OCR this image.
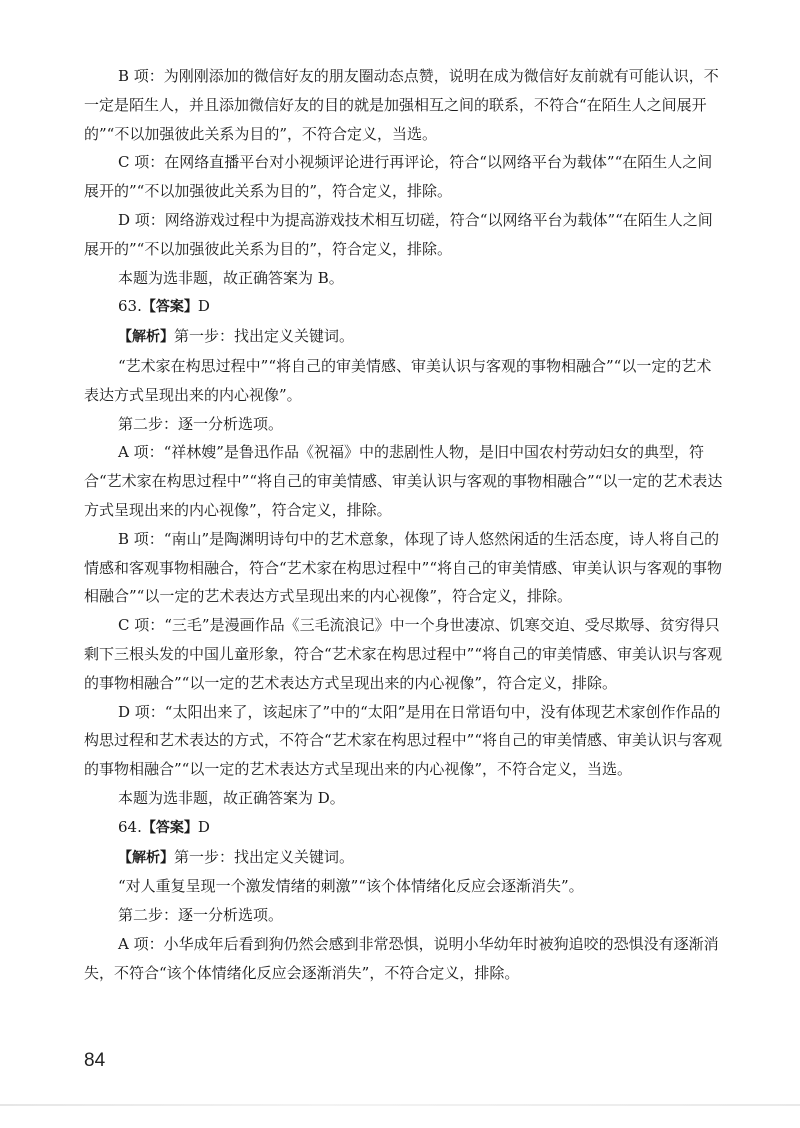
B 项：为刚刚添加的微信好友的朋友圈动态点赞，说明在成为微信好友前就有可能认识，不一定是陌生人，并且添加微信好友的目的就是加强相互之间的联系，不符合“在陌生人之间展开的”“不以加强彼此关系为目的”，不符合定义，当选。

C 项：在网络直播平台对小视频评论进行再评论，符合“以网络平台为载体”“在陌生人之间展开的”“不以加强彼此关系为目的”，符合定义，排除。

D 项：网络游戏过程中为提高游戏技术相互切磋，符合“以网络平台为载体”“在陌生人之间展开的”“不以加强彼此关系为目的”，符合定义，排除。

本题为选非题，故正确答案为 B。

63.【答案】D

【解析】第一步：找出定义关键词。

“艺术家在构思过程中”“将自己的审美情感、审美认识与客观的事物相融合”“以一定的艺术表达方式呈现出来的内心视像”。

第二步：逐一分析选项。

A 项：“祥林嫂”是鲁迅作品《祝福》中的悲剧性人物，是旧中国农村劳动妇女的典型，符合“艺术家在构思过程中”“将自己的审美情感、审美认识与客观的事物相融合”“以一定的艺术表达方式呈现出来的内心视像”，符合定义，排除。

B 项：“南山”是陶渊明诗句中的艺术意象，体现了诗人悠然闲适的生活态度，诗人将自己的情感和客观事物相融合，符合“艺术家在构思过程中”“将自己的审美情感、审美认识与客观的事物相融合”“以一定的艺术表达方式呈现出来的内心视像”，符合定义，排除。

C 项：“三毛”是漫画作品《三毛流浪记》中一个身世凄凉、饥寒交迫、受尽欺辱、贫穷得只剩下三根头发的中国儿童形象，符合“艺术家在构思过程中”“将自己的审美情感、审美认识与客观的事物相融合”“以一定的艺术表达方式呈现出来的内心视像”，符合定义，排除。

D 项：“太阳出来了，该起床了”中的“太阳”是用在日常语句中，没有体现艺术家创作作品的构思过程和艺术表达的方式，不符合“艺术家在构思过程中”“将自己的审美情感、审美认识与客观的事物相融合”“以一定的艺术表达方式呈现出来的内心视像”，不符合定义，当选。

本题为选非题，故正确答案为 D。

64.【答案】D

【解析】第一步：找出定义关键词。

“对人重复呈现一个激发情绪的刺激”“该个体情绪化反应会逐渐消失”。

第二步：逐一分析选项。

A 项：小华成年后看到狗仍然会感到非常恐惧，说明小华幼年时被狗追咬的恐惧没有逐渐消失，不符合“该个体情绪化反应会逐渐消失”，不符合定义，排除。

84
